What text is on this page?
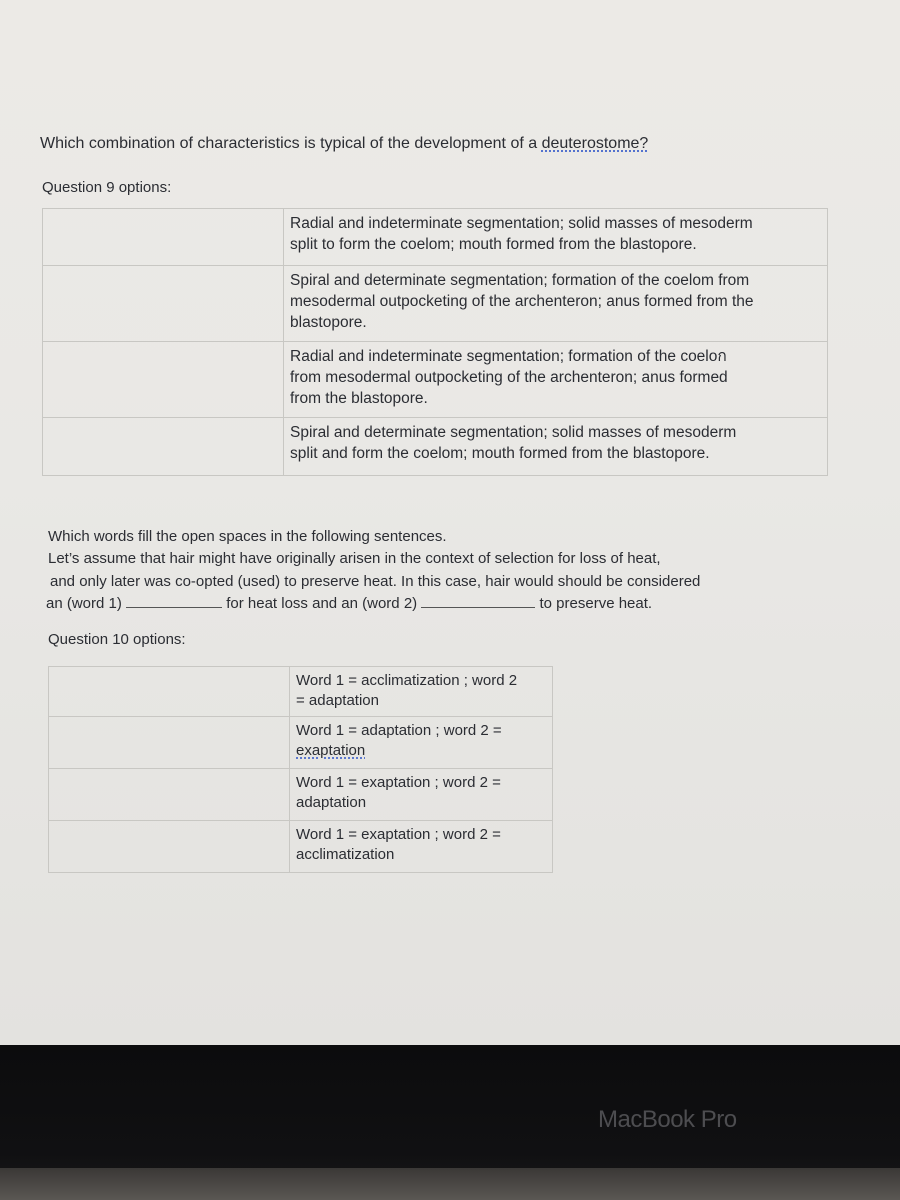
Which combination of characteristics is typical of the development of a deuterostome?
Question 9 options:

	Radial and indeterminate segmentation; solid masses of mesoderm
split to form the coelom; mouth formed from the blastopore.

	Spiral and determinate segmentation; formation of the coelom from
mesodermal outpocketing of the archenteron; anus formed from the
blastopore.

	Radial and indeterminate segmentation; formation of the coeloก
from mesodermal outpocketing of the archenteron; anus formed
from the blastopore.

	Spiral and determinate segmentation; solid masses of mesoderm
split and form the coelom; mouth formed from the blastopore.
Which words fill the open spaces in the following sentences.
Let’s assume that hair might have originally arisen in the context of selection for loss of heat,
and only later was co-opted (used) to preserve heat. In this case, hair would should be considered
an (word 1)	for heat loss and an (word 2)	to preserve heat.
Question 10 options:

	Word 1 = acclimatization ; word 2
= adaptation

	Word 1 = adaptation ; word 2 =
exaptation

	Word 1 = exaptation ; word 2 =
adaptation

	Word 1 = exaptation ; word 2 =
acclimatization
MacBook Pro
